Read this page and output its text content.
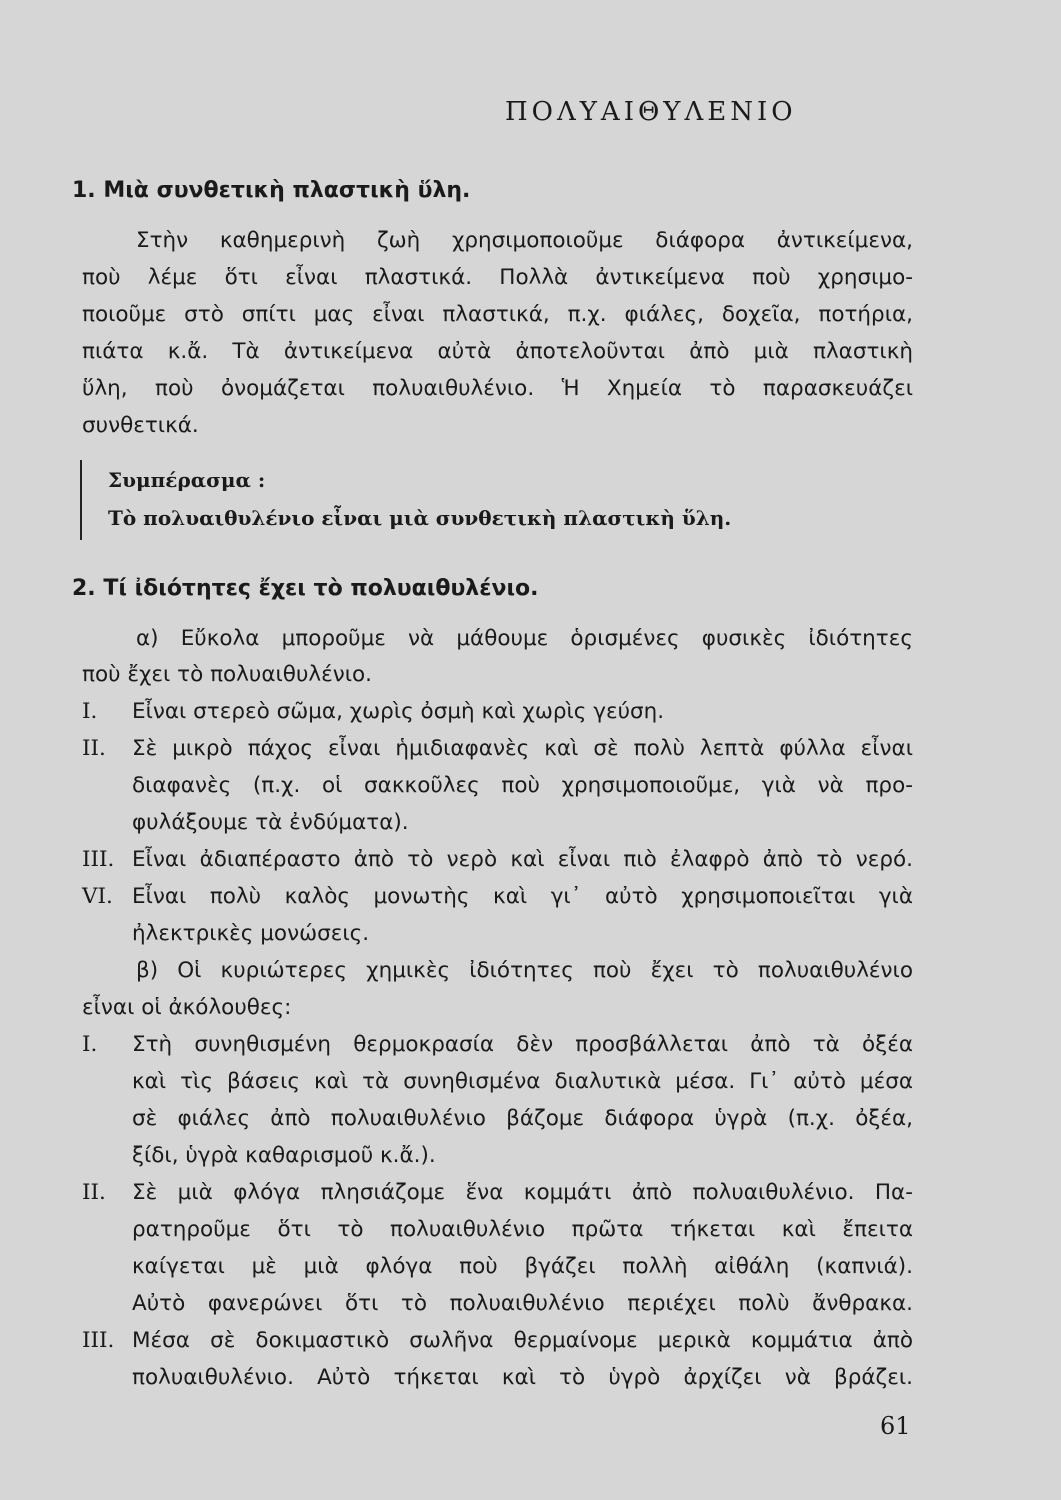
ΠΟΛΥΑΙΘΥΛΕΝΙΟ
1. Μιὰ συνθετικὴ πλαστικὴ ὕλη.
Στὴν καθημερινὴ ζωὴ χρησιμοποιοῦμε διάφορα ἀντικείμενα,
ποὺ λέμε ὅτι εἶναι πλαστικά. Πολλὰ ἀντικείμενα ποὺ χρησιμο-
ποιοῦμε στὸ σπίτι μας εἶναι πλαστικά, π.χ. φιάλες, δοχεῖα, ποτήρια,
πιάτα κ.ἄ. Τὰ ἀντικείμενα αὐτὰ ἀποτελοῦνται ἀπὸ μιὰ πλαστικὴ
ὕλη, ποὺ ὀνομάζεται πολυαιθυλένιο. Ἡ Χημεία τὸ παρασκευάζει
συνθετικά.
Συμπέρασμα :
Τὸ πολυαιθυλένιο εἶναι μιὰ συνθετικὴ πλαστικὴ ὕλη.
2. Τί ἰδιότητες ἔχει τὸ πολυαιθυλένιο.
α) Εὔκολα μποροῦμε νὰ μάθουμε ὁρισμένες φυσικὲς ἰδιότητες
ποὺ ἔχει τὸ πολυαιθυλένιο.
I. Εἶναι στερεὸ σῶμα, χωρὶς ὀσμὴ καὶ χωρὶς γεύση.
II. Σὲ μικρὸ πάχος εἶναι ἡμιδιαφανὲς καὶ σὲ πολὺ λεπτὰ φύλλα εἶναι
διαφανὲς (π.χ. οἱ σακκοῦλες ποὺ χρησιμοποιοῦμε, γιὰ νὰ προ-
φυλάξουμε τὰ ἐνδύματα).
III. Εἶναι ἀδιαπέραστο ἀπὸ τὸ νερὸ καὶ εἶναι πιὸ ἐλαφρὸ ἀπὸ τὸ νερό.
VI. Εἶναι πολὺ καλὸς μονωτὴς καὶ γι᾿ αὐτὸ χρησιμοποιεῖται γιὰ
ἠλεκτρικὲς μονώσεις.
β) Οἱ κυριώτερες χημικὲς ἰδιότητες ποὺ ἔχει τὸ πολυαιθυλένιο
εἶναι οἱ ἀκόλουθες:
I. Στὴ συνηθισμένη θερμοκρασία δὲν προσβάλλεται ἀπὸ τὰ ὀξέα
καὶ τὶς βάσεις καὶ τὰ συνηθισμένα διαλυτικὰ μέσα. Γι᾿ αὐτὸ μέσα
σὲ φιάλες ἀπὸ πολυαιθυλένιο βάζομε διάφορα ὑγρὰ (π.χ. ὀξέα,
ξίδι, ὑγρὰ καθαρισμοῦ κ.ἄ.).
II. Σὲ μιὰ φλόγα πλησιάζομε ἕνα κομμάτι ἀπὸ πολυαιθυλένιο. Πα-
ρατηροῦμε ὅτι τὸ πολυαιθυλένιο πρῶτα τήκεται καὶ ἔπειτα
καίγεται μὲ μιὰ φλόγα ποὺ βγάζει πολλὴ αἰθάλη (καπνιά).
Αὐτὸ φανερώνει ὅτι τὸ πολυαιθυλένιο περιέχει πολὺ ἄνθρακα.
III. Μέσα σὲ δοκιμαστικὸ σωλῆνα θερμαίνομε μερικὰ κομμάτια ἀπὸ
πολυαιθυλένιο. Αὐτὸ τήκεται καὶ τὸ ὑγρὸ ἀρχίζει νὰ βράζει.
61
